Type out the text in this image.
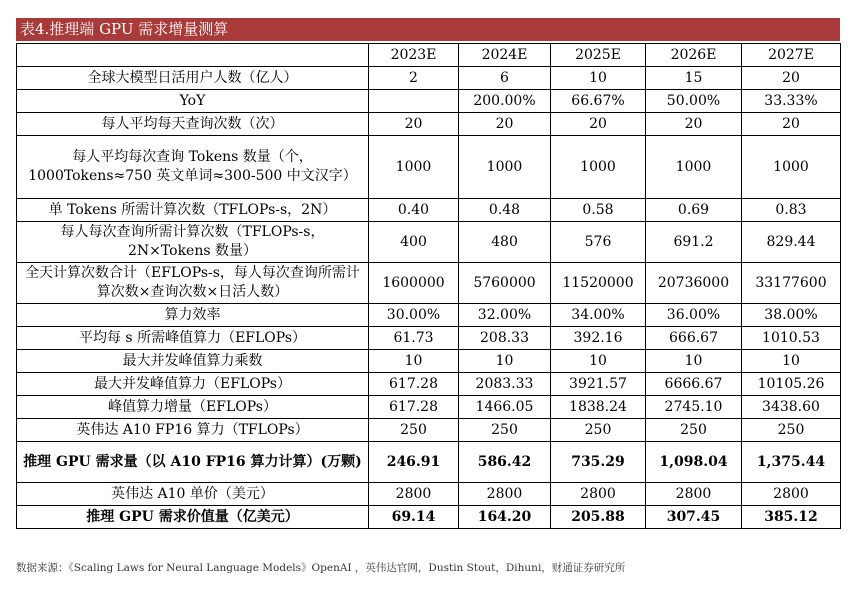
表4.推理端 GPU 需求增量测算
	2023E	2024E	2025E	2026E	2027E
全球大模型日活用户人数（亿人）	2	6	10	15	20
YoY		200.00%	66.67%	50.00%	33.33%
每人平均每天查询次数（次）	20	20	20	20	20
每人平均每次查询 Tokens 数量（个，1000Tokens≈750 英文单词≈300-500 中文汉字）	1000	1000	1000	1000	1000
单 Tokens 所需计算次数（TFLOPs-s，2N）	0.40	0.48	0.58	0.69	0.83
每人每次查询所需计算次数（TFLOPs-s，2N×Tokens 数量）	400	480	576	691.2	829.44
全天计算次数合计（EFLOPs-s，每人每次查询所需计算次数×查询次数×日活人数）	1600000	5760000	11520000	20736000	33177600
算力效率	30.00%	32.00%	34.00%	36.00%	38.00%
平均每 s 所需峰值算力（EFLOPs）	61.73	208.33	392.16	666.67	1010.53
最大并发峰值算力乘数	10	10	10	10	10
最大并发峰值算力（EFLOPs）	617.28	2083.33	3921.57	6666.67	10105.26
峰值算力增量（EFLOPs）	617.28	1466.05	1838.24	2745.10	3438.60
英伟达 A10 FP16 算力（TFLOPs）	250	250	250	250	250
推理 GPU 需求量（以 A10 FP16 算力计算）(万颗)	246.91	586.42	735.29	1,098.04	1,375.44
英伟达 A10 单价（美元）	2800	2800	2800	2800	2800
推理 GPU 需求价值量（亿美元）	69.14	164.20	205.88	307.45	385.12
数据来源：《Scaling Laws for Neural Language Models》OpenAI ，英伟达官网，Dustin Stout，Dihuni，财通证券研究所
